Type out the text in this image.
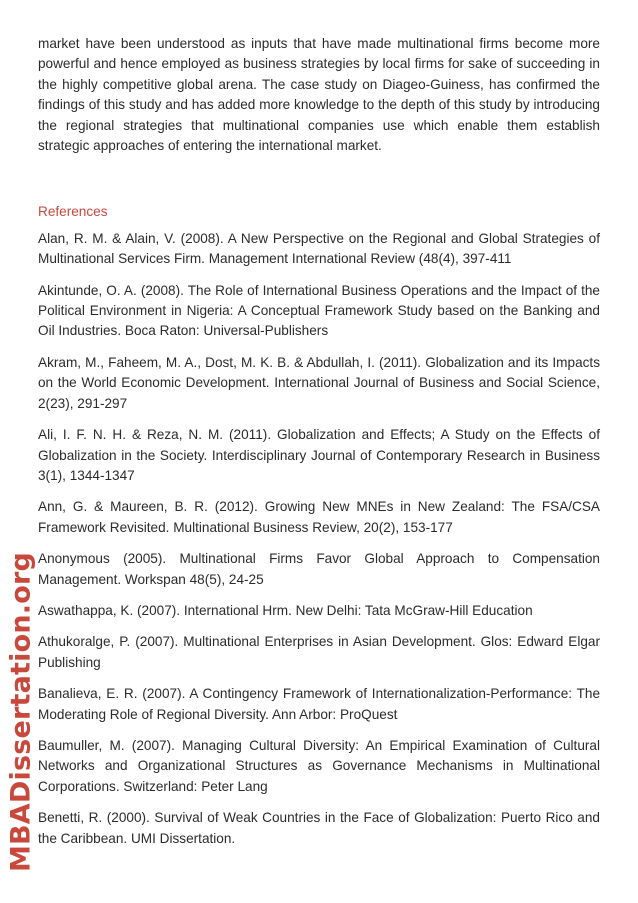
MBADissertation.org

market have been understood as inputs that have made multinational firms become more powerful and hence employed as business strategies by local firms for sake of succeeding in the highly competitive global arena. The case study on Diageo-Guiness, has confirmed the findings of this study and has added more knowledge to the depth of this study by introducing the regional strategies that multinational companies use which enable them establish strategic approaches of entering the international market.

References

Alan, R. M. & Alain, V. (2008). A New Perspective on the Regional and Global Strategies of Multinational Services Firm. Management International Review (48(4), 397-411

Akintunde, O. A. (2008). The Role of International Business Operations and the Impact of the Political Environment in Nigeria: A Conceptual Framework Study based on the Banking and Oil Industries. Boca Raton: Universal-Publishers

Akram, M., Faheem, M. A., Dost, M. K. B. & Abdullah, I. (2011). Globalization and its Impacts on the World Economic Development. International Journal of Business and Social Science, 2(23), 291-297

Ali, I. F. N. H. & Reza, N. M. (2011). Globalization and Effects; A Study on the Effects of Globalization in the Society. Interdisciplinary Journal of Contemporary Research in Business 3(1), 1344-1347

Ann, G. & Maureen, B. R. (2012). Growing New MNEs in New Zealand: The FSA/CSA Framework Revisited. Multinational Business Review, 20(2), 153-177

Anonymous (2005). Multinational Firms Favor Global Approach to Compensation Management. Workspan 48(5), 24-25

Aswathappa, K. (2007). International Hrm. New Delhi: Tata McGraw-Hill Education

Athukoralge, P. (2007). Multinational Enterprises in Asian Development. Glos: Edward Elgar Publishing

Banalieva, E. R. (2007). A Contingency Framework of Internationalization-Performance: The Moderating Role of Regional Diversity. Ann Arbor: ProQuest

Baumuller, M. (2007). Managing Cultural Diversity: An Empirical Examination of Cultural Networks and Organizational Structures as Governance Mechanisms in Multinational Corporations. Switzerland: Peter Lang

Benetti, R. (2000). Survival of Weak Countries in the Face of Globalization: Puerto Rico and the Caribbean. UMI Dissertation.
